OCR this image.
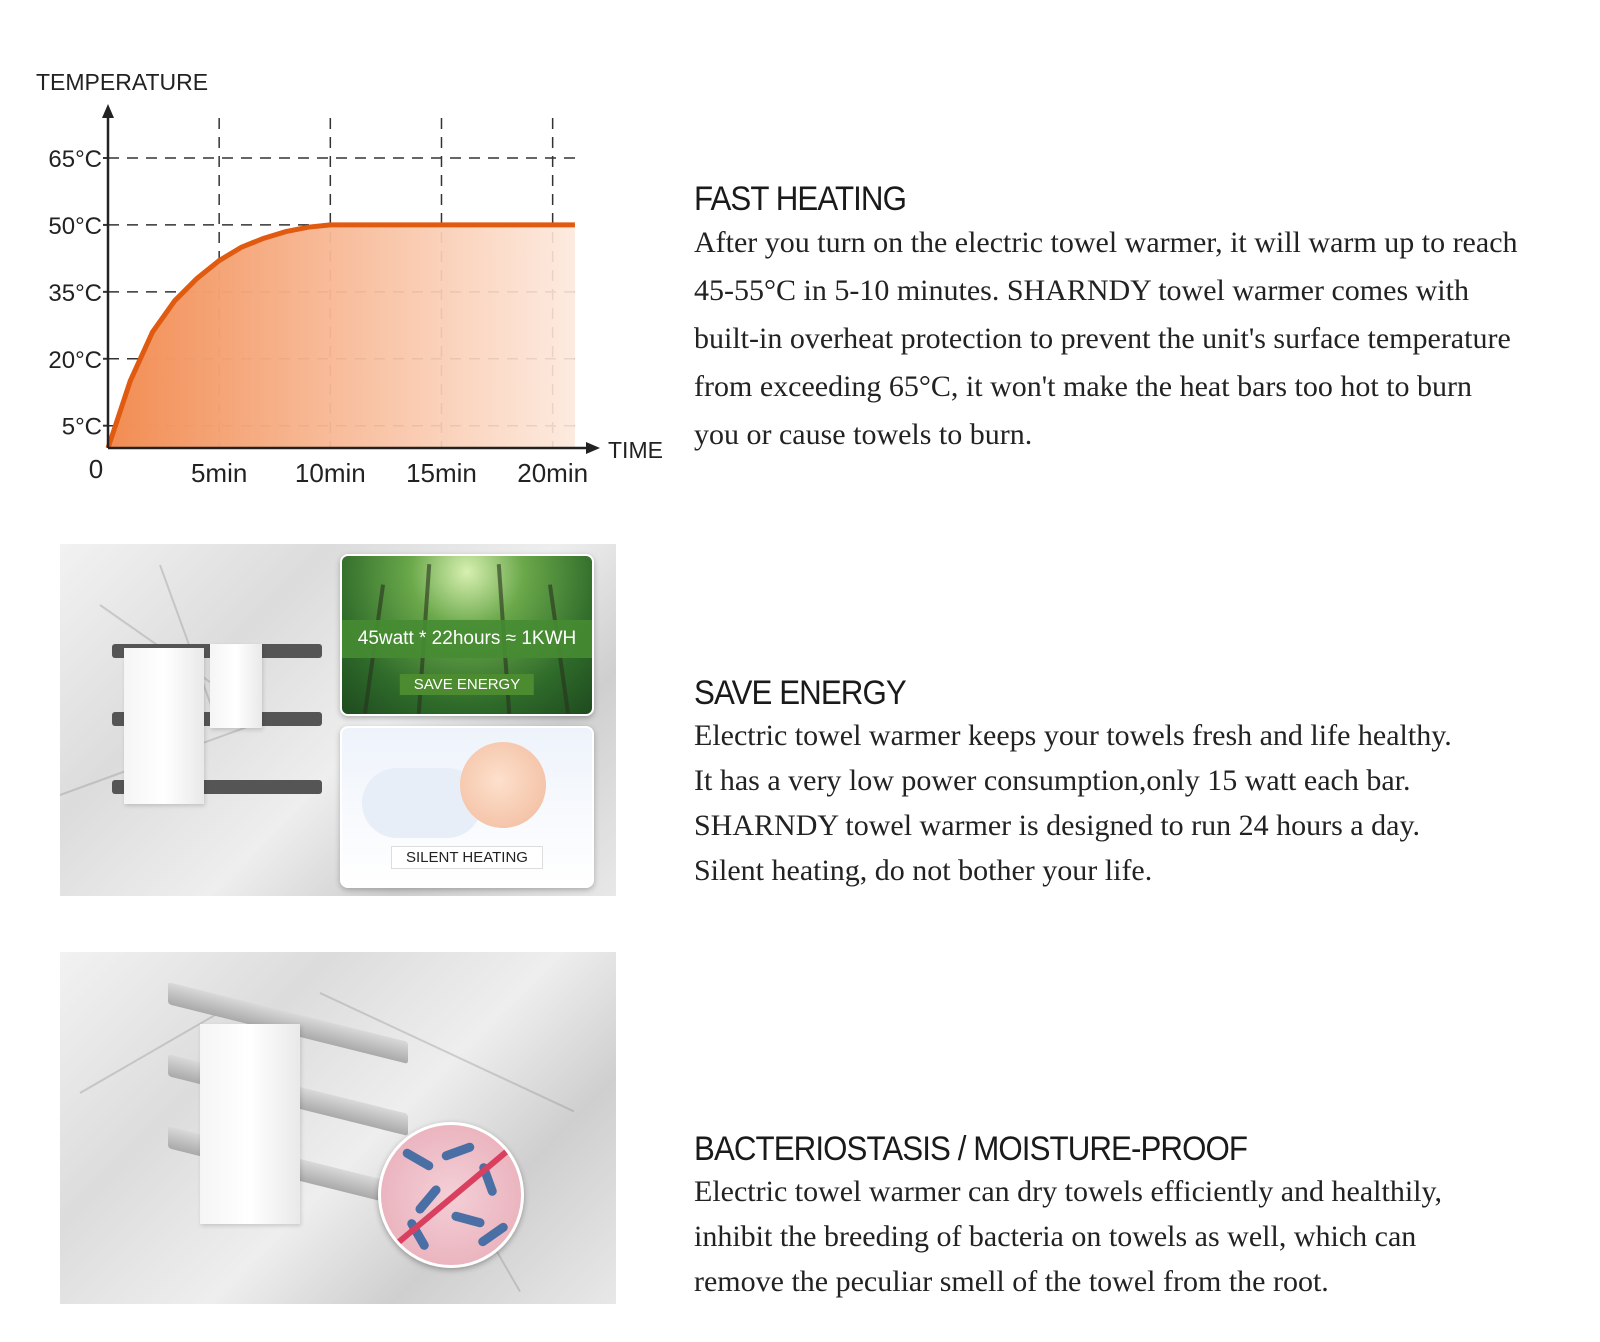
5°C
20°C
35°C
50°C
65°C
5min 10min 15min 20min
TEMPERATURE
TIME
0
FAST HEATING

After you turn on the electric towel warmer, it will warm up to reach 45-55°C in 5-10 minutes. SHARNDY towel warmer comes with built-in overheat protection to prevent the unit's surface temperature from exceeding 65°C, it won't make the heat bars too hot to burn you or cause towels to burn.

SAVE ENERGY

Electric towel warmer keeps your towels fresh and life healthy.

It has a very low power consumption,only 15 watt each bar.

SHARNDY towel warmer is designed to run 24 hours a day.

Silent heating, do not bother your life.

BACTERIOSTASIS / MOISTURE-PROOF

Electric towel warmer can dry towels efficiently and healthily,

inhibit the breeding of bacteria on towels as well, which can

remove the peculiar smell of the towel from the root.

45watt * 22hours ≈ 1KWH
SAVE ENERGY
SILENT HEATING
